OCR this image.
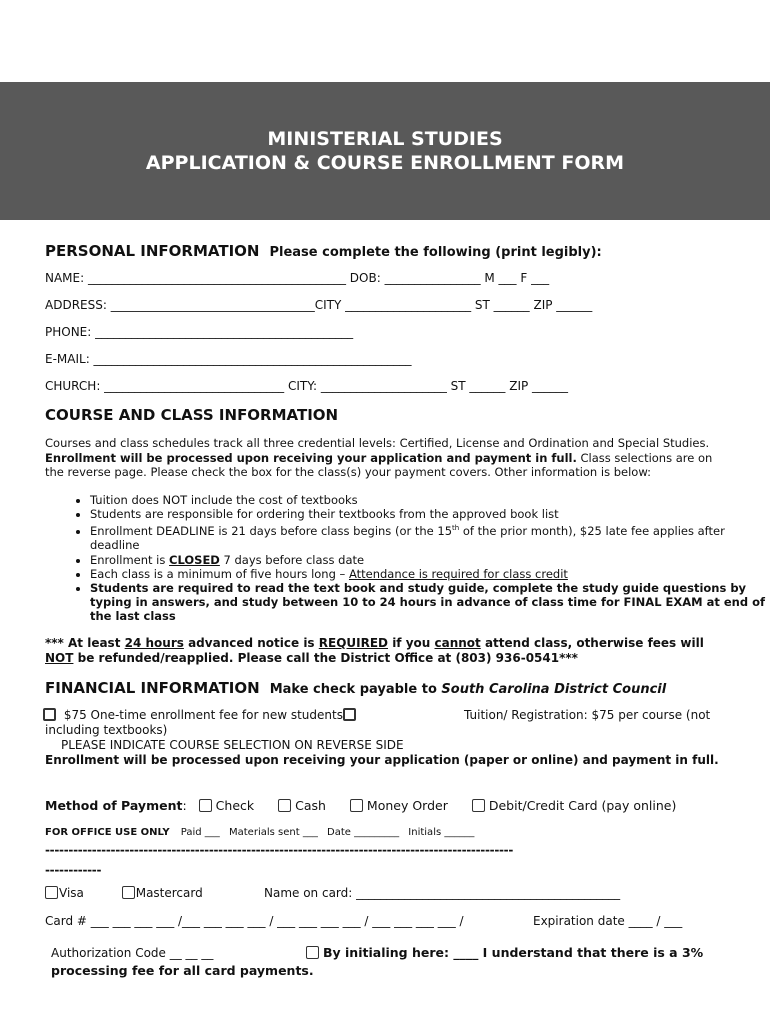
MINISTERIAL STUDIES
APPLICATION & COURSE ENROLLMENT FORM
PERSONAL INFORMATION Please complete the following (print legibly):
NAME: ___________________________________________ DOB: ________________ M ___ F ___
ADDRESS: __________________________________CITY _____________________ ST ______ ZIP ______
PHONE: ___________________________________________
E-MAIL: _____________________________________________________
CHURCH: ______________________________ CITY: _____________________ ST ______ ZIP ______
COURSE AND CLASS INFORMATION
Courses and class schedules track all three credential levels: Certified, License and Ordination and Special Studies. Enrollment will be processed upon receiving your application and payment in full. Class selections are on the reverse page. Please check the box for the class(s) your payment covers. Other information is below:
• Tuition does NOT include the cost of textbooks
• Students are responsible for ordering their textbooks from the approved book list
• Enrollment DEADLINE is 21 days before class begins (or the 15th of the prior month), $25 late fee applies after deadline
• Enrollment is CLOSED 7 days before class date
• Each class is a minimum of five hours long – Attendance is required for class credit
• Students are required to read the text book and study guide, complete the study guide questions by typing in answers, and study between 10 to 24 hours in advance of class time for FINAL EXAM at end of the last class
*** At least 24 hours advanced notice is REQUIRED if you cannot attend class, otherwise fees will
NOT be refunded/reapplied. Please call the District Office at (803) 936-0541***
FINANCIAL INFORMATION Make check payable to South Carolina District Council
$75 One-time enrollment fee for new students	Tuition/ Registration: $75 per course (not
including textbooks)
PLEASE INDICATE COURSE SELECTION ON REVERSE SIDE
Enrollment will be processed upon receiving your application (paper or online) and payment in full.
Method of Payment: Check	Cash	Money Order	Debit/Credit Card (pay online)
FOR OFFICE USE ONLY Paid ___ Materials sent ___ Date _________ Initials ______
----------------------------------------------------------------------------------------------------
------------
Visa	Mastercard	Name on card: ____________________________________________
Card # ___ ___ ___ ___ /___ ___ ___ ___ / ___ ___ ___ ___ / ___ ___ ___ ___ /	Expiration date ____ / ___
Authorization Code __ __ __	By initialing here: ____ I understand that there is a 3%
processing fee for all card payments.
